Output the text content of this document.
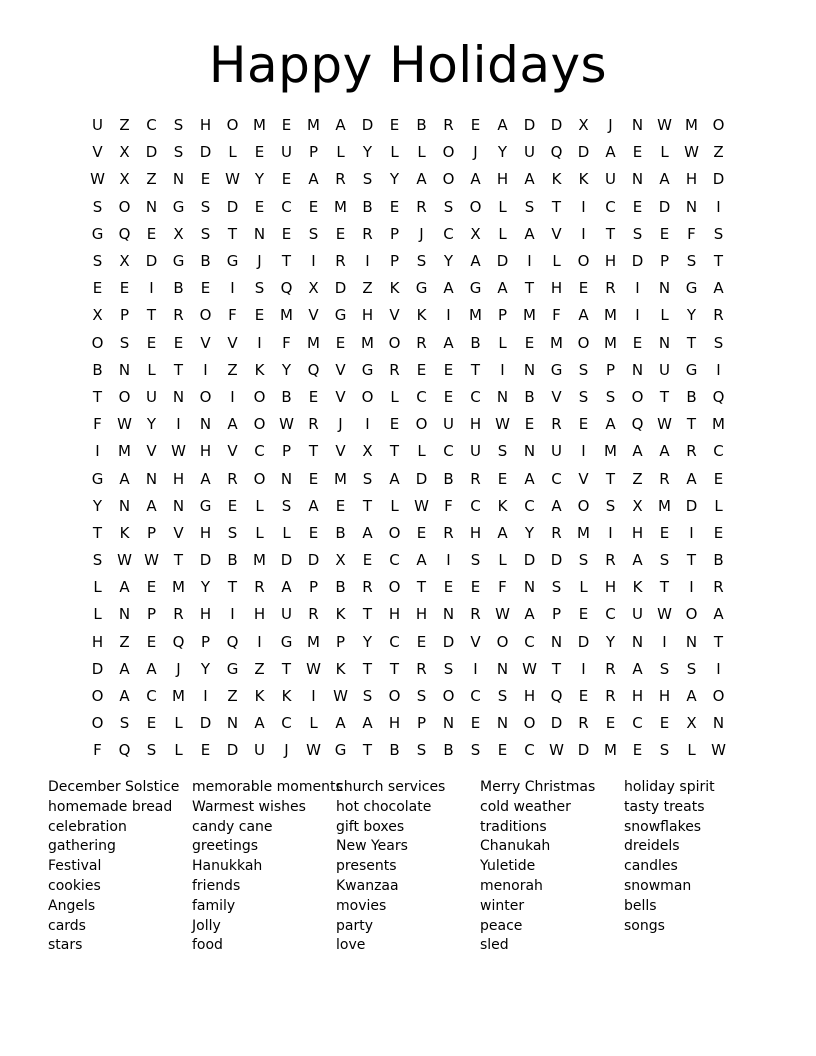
Happy Holidays
U	Z	C	S	H	O M	E	M	A	D	E	B	R	E	A	D	D	X	J	N W M O
V	X	D	S	D	L	E	U	P	L	Y	L	L	O	J	Y	U	Q	D	A	E	L	W Z
W X	Z	N	E W Y	E	A	R	S	Y	A	O	A	H	A	K	K	U	N	A	H	D
S	O	N	G	S	D	E	C	E	M	B	E	R	S	O	L	S	T	I	C	E	D	N	I
G	Q	E	X	S	T	N	E	S	E	R	P	J	C	X	L	A	V	I	T	S	E	F	S
S	X	D	G	B	G	J	T	I	R	I	P	S	Y	A	D	I	L	O	H	D	P	S	T
E	E	I	B	E	I	S	Q	X	D	Z	K	G	A	G	A	T	H	E	R	I	N	G	A
X	P	T	R	O	F	E	M	V	G	H	V	K	I	M	P	M	F	A	M	I	L	Y	R
O	S	E	E	V	V	I	F	M	E	M O	R	A	B	L	E	M O M	E	N	T	S
B	N	L	T	I	Z	K	Y	Q	V	G	R	E	E	T	I	N	G	S	P	N	U	G	I
T	O	U	N	O	I	O	B	E	V	O	L	C	E	C	N	B	V	S	S	O	T	B	Q
F	W Y	I	N	A	O W R	J	I	E	O	U	H W E	R	E	A	Q W T	M
I	M	V W H	V	C	P	T	V	X	T	L	C	U	S	N	U	I	M	A	A	R	C
G	A	N	H	A	R	O	N	E	M	S	A	D	B	R	E	A	C	V	T	Z	R	A	E
Y	N	A	N	G	E	L	S	A	E	T	L	W	F	C	K	C	A	O	S	X	M D	L
T	K	P	V	H	S	L	L	E	B	A	O	E	R	H	A	Y	R	M	I	H	E	I	E
S W W T	D	B	M D	D	X	E	C	A	I	S	L	D	D	S	R	A	S	T	B
L	A	E	M	Y	T	R	A	P	B	R	O	T	E	E	F	N	S	L	H	K	T	I	R
L	N	P	R	H	I	H	U	R	K	T	H	H	N	R W A	P	E	C	U W O	A
H	Z	E	Q	P	Q	I	G M	P	Y	C	E	D	V	O	C	N	D	Y	N	I	N	T
D	A	A	J	Y	G	Z	T	W K	T	T	R	S	I	N W T	I	R	A	S	S	I
O	A	C	M	I	Z	K	K	I	W S	O	S	O	C	S	H	Q	E	R	H	H	A	O
O	S	E	L	D	N	A	C	L	A	A	H	P	N	E	N	O	D	R	E	C	E	X	N
F	Q	S	L	E	D	U	J	W G	T	B	S	B	S	E	C W D M	E	S	L	W
December Solstice
homemade bread
celebration
gathering
Festival
cookies
Angels
cards
stars
memorable moments
Warmest wishes
candy cane
greetings
Hanukkah
friends
family
Jolly
food
church services
hot chocolate
gift boxes
New Years
presents
Kwanzaa
movies
party
love
Merry Christmas
cold weather
traditions
Chanukah
Yuletide
menorah
winter
peace
sled
holiday spirit
tasty treats
snowflakes
dreidels
candles
snowman
bells
songs
